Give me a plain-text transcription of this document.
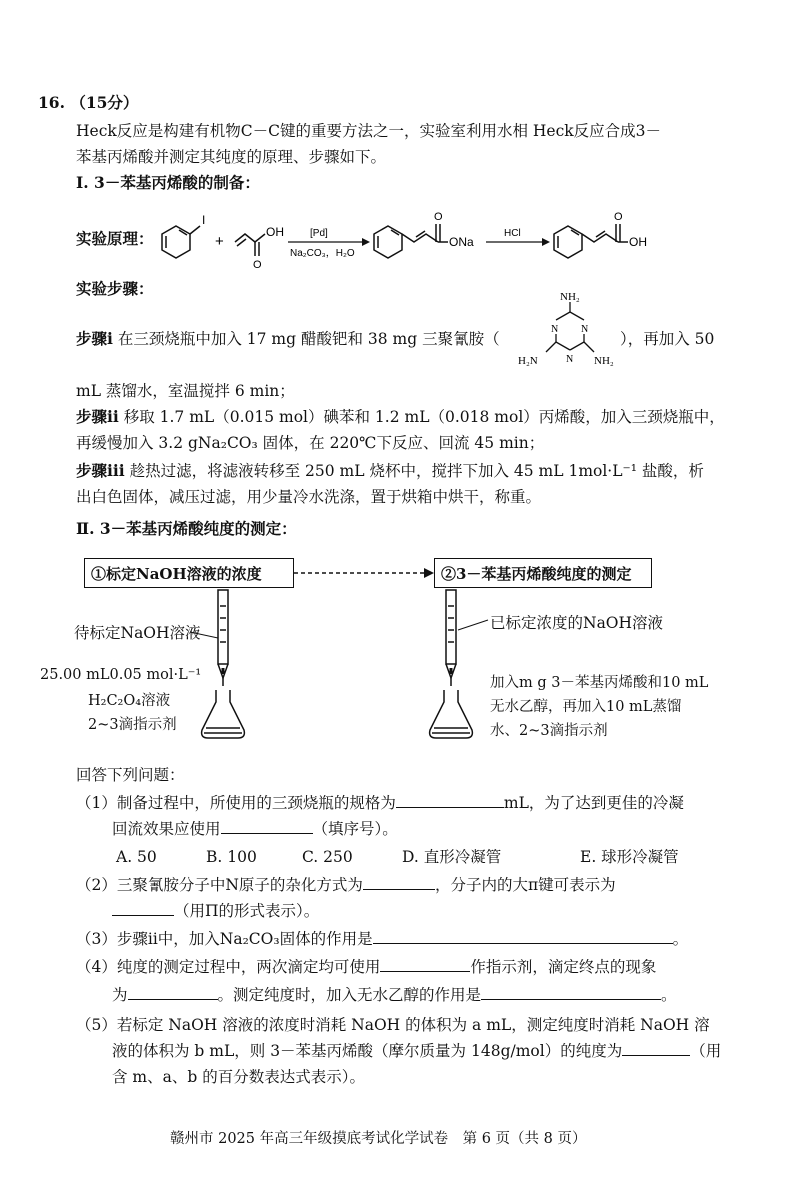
16. （15分）
Heck反应是构建有机物C－C键的重要方法之一，实验室利用水相 Heck反应合成3－
苯基丙烯酸并测定其纯度的原理、步骤如下。
Ⅰ. 3－苯基丙烯酸的制备：
实验原理：
I
+
OH
O
[Pd]
Na₂CO₃，H₂O
O
ONa
HCl
O
OH
实验步骤：
步骤ⅰ 在三颈烧瓶中加入 17 mg 醋酸钯和 38 mg 三聚氰胺（
NH₂
N N
N
H₂N	NH₂
），再加入 50
mL 蒸馏水，室温搅拌 6 min；
步骤ⅱ 移取 1.7 mL（0.015 mol）碘苯和 1.2 mL（0.018 mol）丙烯酸，加入三颈烧瓶中，
再缓慢加入 3.2 gNa₂CO₃ 固体，在 220℃下反应、回流 45 min；
步骤ⅲ 趁热过滤，将滤液转移至 250 mL 烧杯中，搅拌下加入 45 mL 1mol·L⁻¹ 盐酸，析
出白色固体，减压过滤，用少量冷水洗涤，置于烘箱中烘干，称重。
Ⅱ. 3－苯基丙烯酸纯度的测定：
①标定NaOH溶液的浓度	②3－苯基丙烯酸纯度的测定
待标定NaOH溶液
25.00 mL0.05 mol·L⁻¹
H₂C₂O₄溶液
2~3滴指示剂
已标定浓度的NaOH溶液
加入m g 3－苯基丙烯酸和10 mL
无水乙醇，再加入10 mL蒸馏
水、2~3滴指示剂
回答下列问题：
（1）制备过程中，所使用的三颈烧瓶的规格为	mL，为了达到更佳的冷凝
回流效果应使用	（填序号）。
A. 50	B. 100	C. 250	D. 直形冷凝管	E. 球形冷凝管
（2）三聚氰胺分子中N原子的杂化方式为	，分子内的大π键可表示为
（用Π的形式表示）。
（3）步骤ⅱ中，加入Na₂CO₃固体的作用是	。
（4）纯度的测定过程中，两次滴定均可使用	作指示剂，滴定终点的现象
为	。测定纯度时，加入无水乙醇的作用是	。
（5）若标定 NaOH 溶液的浓度时消耗 NaOH 的体积为 a mL，测定纯度时消耗 NaOH 溶
液的体积为 b mL，则 3－苯基丙烯酸（摩尔质量为 148g/mol）的纯度为	（用
含 m、a、b 的百分数表达式表示）。
赣州市 2025 年高三年级摸底考试化学试卷　第 6 页（共 8 页）
